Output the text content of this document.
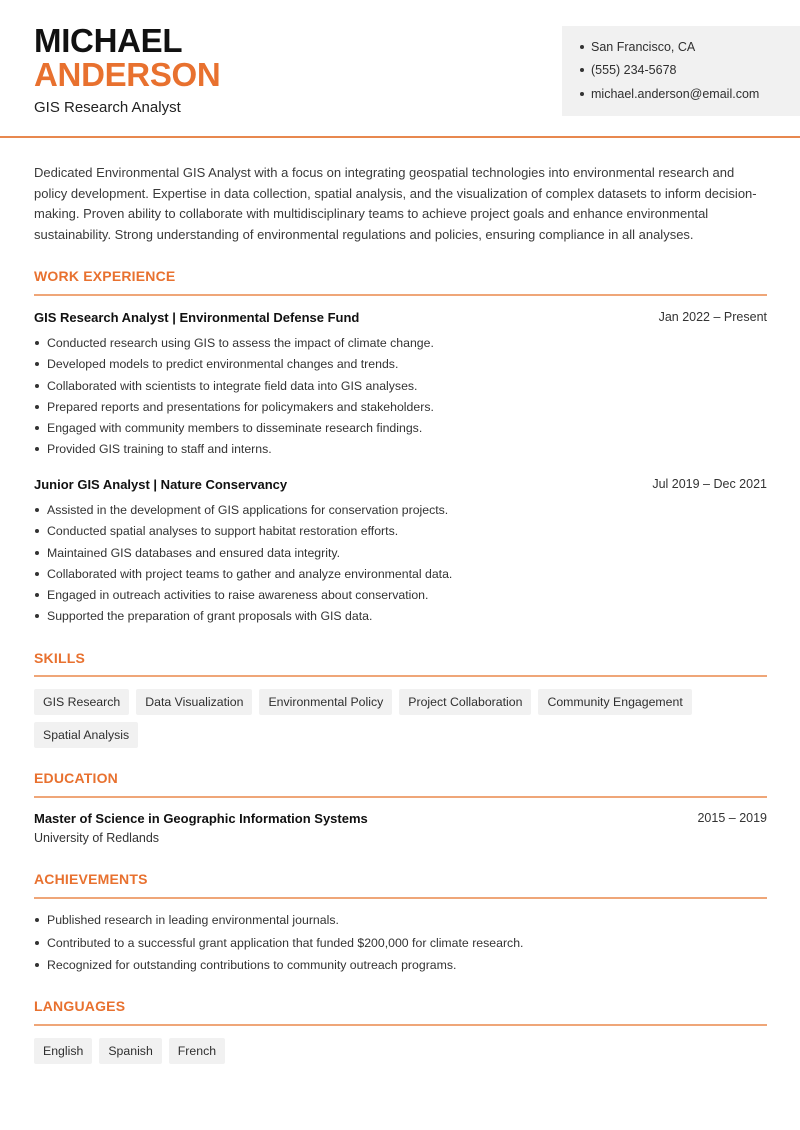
MICHAEL
ANDERSON
GIS Research Analyst
San Francisco, CA
(555) 234-5678
michael.anderson@email.com

Dedicated Environmental GIS Analyst with a focus on integrating geospatial technologies into environmental research and policy development. Expertise in data collection, spatial analysis, and the visualization of complex datasets to inform decision-making. Proven ability to collaborate with multidisciplinary teams to achieve project goals and enhance environmental sustainability. Strong understanding of environmental regulations and policies, ensuring compliance in all analyses.

WORK EXPERIENCE
GIS Research Analyst | Environmental Defense Fund	Jan 2022 – Present
Conducted research using GIS to assess the impact of climate change.
Developed models to predict environmental changes and trends.
Collaborated with scientists to integrate field data into GIS analyses.
Prepared reports and presentations for policymakers and stakeholders.
Engaged with community members to disseminate research findings.
Provided GIS training to staff and interns.
Junior GIS Analyst | Nature Conservancy	Jul 2019 – Dec 2021
Assisted in the development of GIS applications for conservation projects.
Conducted spatial analyses to support habitat restoration efforts.
Maintained GIS databases and ensured data integrity.
Collaborated with project teams to gather and analyze environmental data.
Engaged in outreach activities to raise awareness about conservation.
Supported the preparation of grant proposals with GIS data.
SKILLS
GIS Research	Data Visualization	Environmental Policy	Project Collaboration	Community Engagement
Spatial Analysis
EDUCATION
Master of Science in Geographic Information Systems	2015 – 2019
University of Redlands
ACHIEVEMENTS
Published research in leading environmental journals.
Contributed to a successful grant application that funded $200,000 for climate research.
Recognized for outstanding contributions to community outreach programs.
LANGUAGES
English	Spanish	French
